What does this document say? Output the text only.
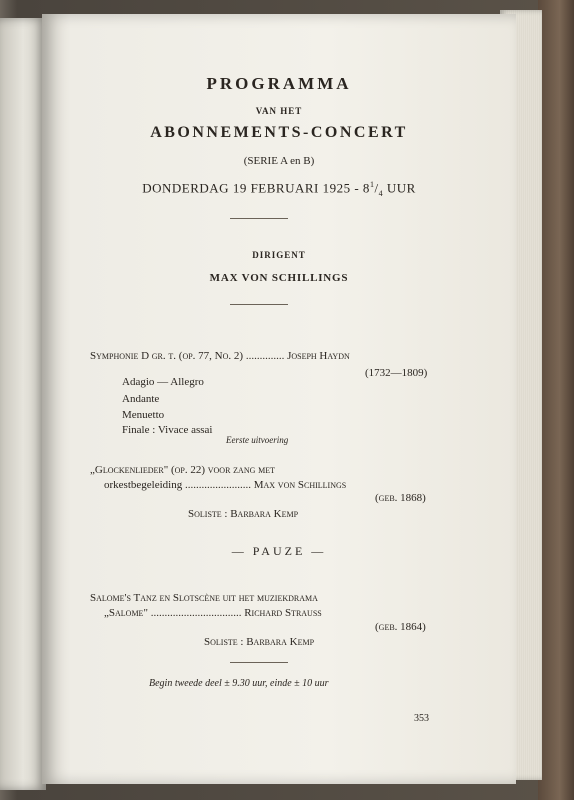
PROGRAMMA
VAN HET
ABONNEMENTS-CONCERT
(SERIE A en B)
DONDERDAG 19 FEBRUARI $1925 - 8^1/_4$ UUR
DIRIGENT
MAX VON SCHILLINGS
Symphonie D gr. t. (op. 77, No. 2) .............. Joseph Haydn
(1732—1809)
Adagio — Allegro
Andante
Menuetto
Finale : Vivace assai
Eerste uitvoering
„Glockenlieder" (op. 22) voor zang met
orkestbegeleiding ........................ Max von Schillings
(geb. 1868)
Soliste : Barbara Kemp
— PAUZE —
Salome's Tanz en Slotscène uit het muziekdrama
„Salome" ................................. Richard Strauss
(geb. 1864)
Soliste : Barbara Kemp
Begin tweede deel ± 9.30 uur, einde ± 10 uur
353
